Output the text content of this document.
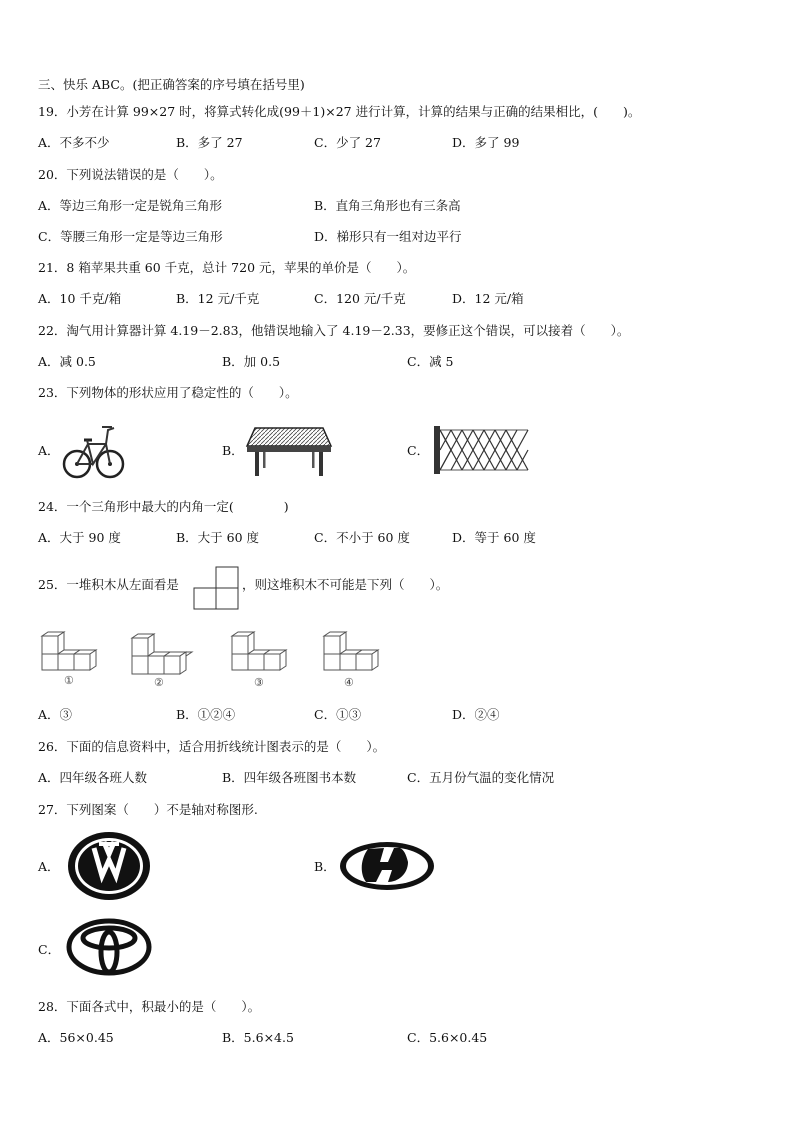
三、快乐 ABC。(把正确答案的序号填在括号里)
19．小芳在计算 99×27 时，将算式转化成(99＋1)×27 进行计算，计算的结果与正确的结果相比，(　　)。
A．不多不少	B．多了 27	C．少了 27	D．多了 99
20．下列说法错误的是（　　）。
A．等边三角形一定是锐角三角形	B．直角三角形也有三条高
C．等腰三角形一定是等边三角形	D．梯形只有一组对边平行
21．8 箱苹果共重 60 千克，总计 720 元，苹果的单价是（　　）。
A．10 千克/箱	B．12 元/千克	C．120 元/千克	D．12 元/箱
22．淘气用计算器计算 4.19－2.83，他错误地输入了 4.19－2.33，要修正这个错误，可以接着（　　）。
A．减 0.5	B．加 0.5	C．减 5
23．下列物体的形状应用了稳定性的（　　）。
A．	B．	C．
24．一个三角形中最大的内角一定(　　　　)
A．大于 90 度	B．大于 60 度	C．不小于 60 度	D．等于 60 度
25．一堆积木从左面看是	，则这堆积木不可能是下列（　　）。
①	②	③	④
A．③	B．①②④	C．①③	D．②④
26．下面的信息资料中，适合用折线统计图表示的是（　　）。
A．四年级各班人数	B．四年级各班图书本数	C．五月份气温的变化情况
27．下列图案（　　）不是轴对称图形.
A．	B．
C．
28．下面各式中，积最小的是（　　）。
A．56×0.45	B．5.6×4.5	C．5.6×0.45
